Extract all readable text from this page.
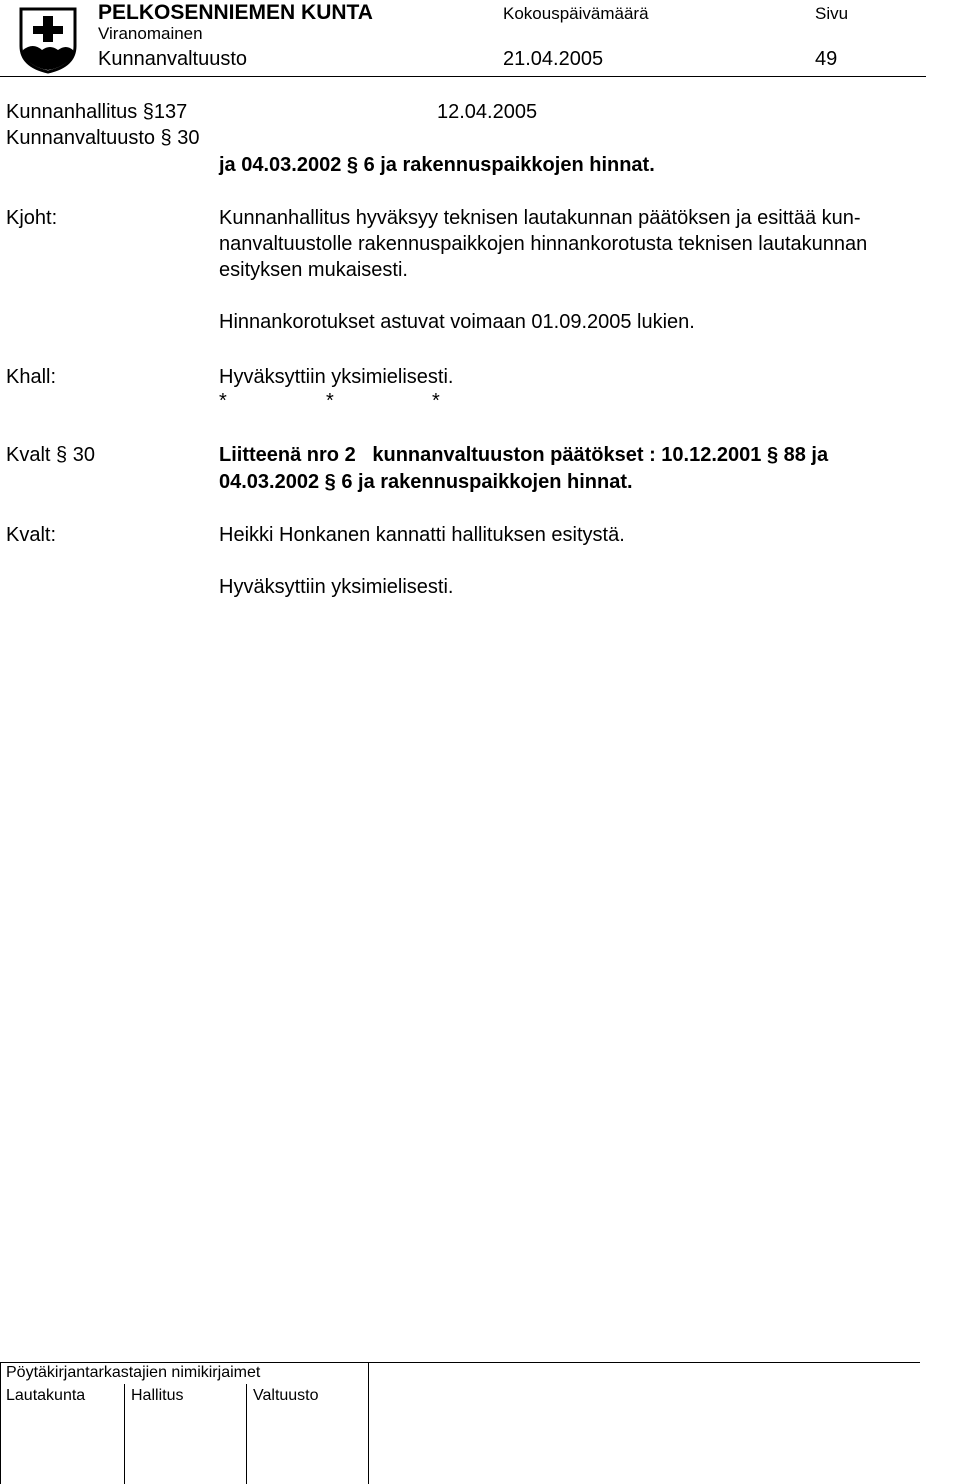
PELKOSENNIEMEN KUNTA
Viranomainen
Kunnanvaltuusto
Kokouspäivämäärä
21.04.2005
Sivu
49
Kunnanhallitus §137	12.04.2005
Kunnanvaltuusto § 30
ja 04.03.2002 § 6 ja rakennuspaikkojen hinnat.
Kjoht:	Kunnanhallitus hyväksyy teknisen lautakunnan päätöksen ja esittää kun-
nanvaltuustolle rakennuspaikkojen hinnankorotusta teknisen lautakunnan
esityksen mukaisesti.
Hinnankorotukset astuvat voimaan 01.09.2005 lukien.
Khall:	Hyväksyttiin yksimielisesti.
*	*	*
Kvalt § 30	Liitteenä nro 2   kunnanvaltuuston päätökset : 10.12.2001 § 88 ja
04.03.2002 § 6 ja rakennuspaikkojen hinnat.
Kvalt:	Heikki Honkanen kannatti hallituksen esitystä.
Hyväksyttiin yksimielisesti.
Pöytäkirjantarkastajien nimikirjaimet
Lautakunta	Hallitus	Valtuusto
